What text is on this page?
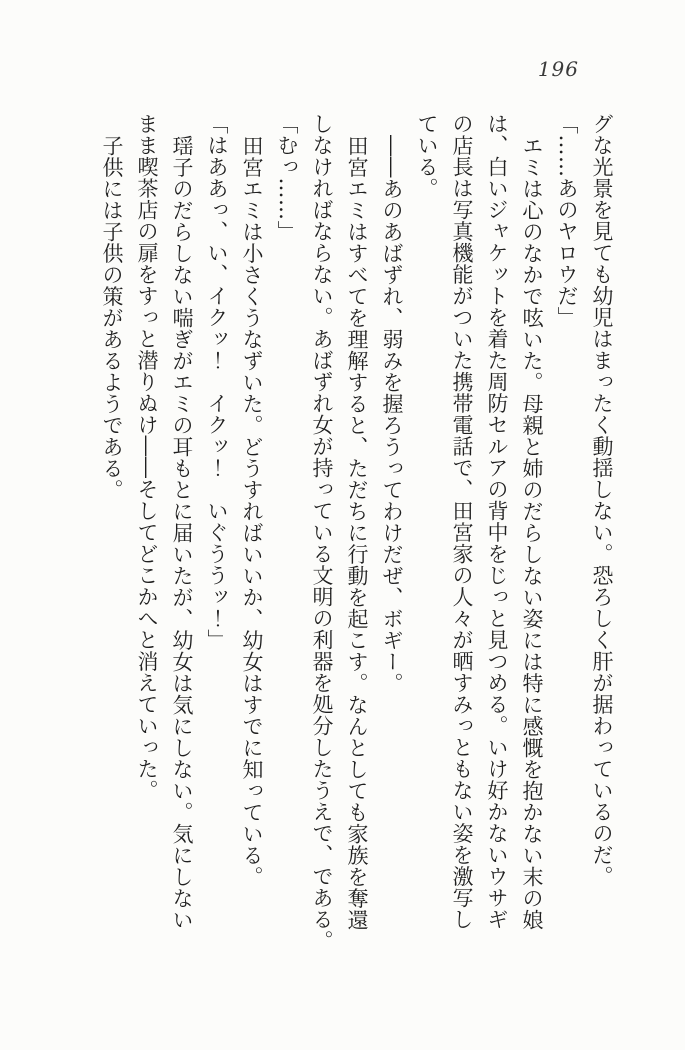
196

グな光景を見ても幼児はまったく動揺しない。恐ろしく肝が据わっているのだ。

「……あのヤロウだ」

エミは心のなかで呟いた。母親と姉のだらしない姿には特に感慨を抱かない末の娘

は、白いジャケットを着た周防セルアの背中をじっと見つめる。いけ好かないウサギ

の店長は写真機能がついた携帯電話で、田宮家の人々が晒すみっともない姿を激写し

ている。

――あのあばずれ、弱みを握ろうってわけだぜ、ボギー。

田宮エミはすべてを理解すると、ただちに行動を起こす。なんとしても家族を奪還

しなければならない。あばずれ女が持っている文明の利器を処分したうえで、である。

「むっ……」

田宮エミは小さくうなずいた。どうすればいいか、幼女はすでに知っている。

「はああっ、い、イクッ！　イクッ！　いぐううッ！」

瑶子のだらしない喘ぎがエミの耳もとに届いたが、幼女は気にしない。気にしない

まま喫茶店の扉をすっと潜りぬけ――そしてどこかへと消えていった。

子供には子供の策があるようである。
